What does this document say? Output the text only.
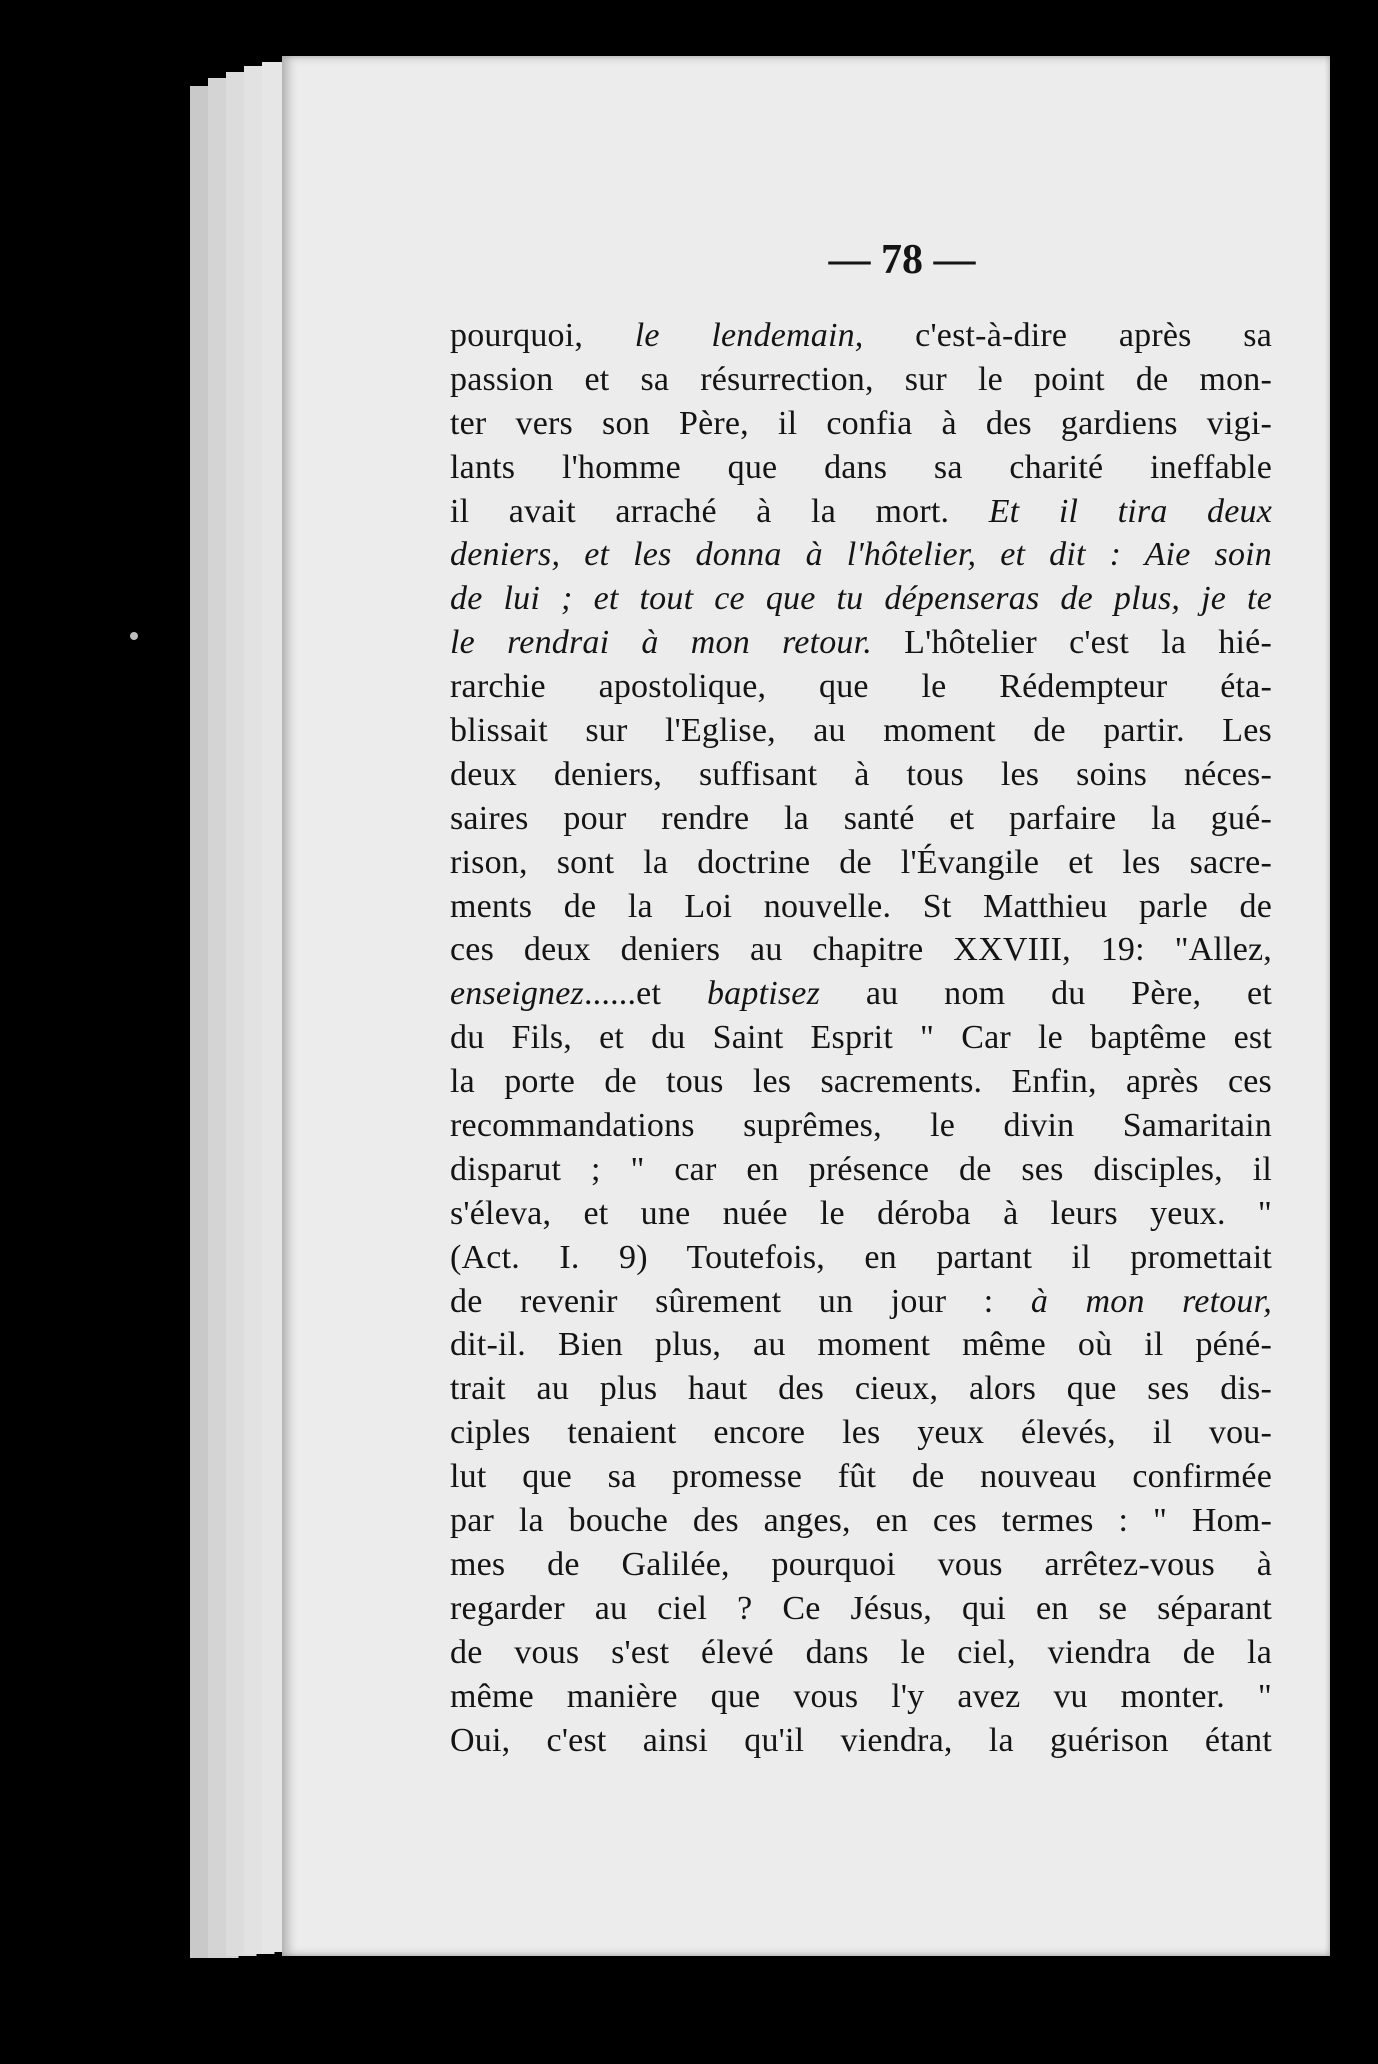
— 78 —
pourquoi, le lendemain, c'est-à-dire après sa
passion et sa résurrection, sur le point de mon-
ter vers son Père, il confia à des gardiens vigi-
lants l'homme que dans sa charité ineffable
il avait arraché à la mort. Et il tira deux
deniers, et les donna à l'hôtelier, et dit : Aie soin
de lui ; et tout ce que tu dépenseras de plus, je te
le rendrai à mon retour. L'hôtelier c'est la hié-
rarchie apostolique, que le Rédempteur éta-
blissait sur l'Eglise, au moment de partir. Les
deux deniers, suffisant à tous les soins néces-
saires pour rendre la santé et parfaire la gué-
rison, sont la doctrine de l'Évangile et les sacre-
ments de la Loi nouvelle. St Matthieu parle de
ces deux deniers au chapitre XXVIII, 19: "Allez,
enseignez......et baptisez au nom du Père, et
du Fils, et du Saint Esprit " Car le baptême est
la porte de tous les sacrements. Enfin, après ces
recommandations suprêmes, le divin Samaritain
disparut ; " car en présence de ses disciples, il
s'éleva, et une nuée le déroba à leurs yeux. "
(Act. I. 9) Toutefois, en partant il promettait
de revenir sûrement un jour : à mon retour,
dit-il. Bien plus, au moment même où il péné-
trait au plus haut des cieux, alors que ses dis-
ciples tenaient encore les yeux élevés, il vou-
lut que sa promesse fût de nouveau confirmée
par la bouche des anges, en ces termes : " Hom-
mes de Galilée, pourquoi vous arrêtez-vous à
regarder au ciel ? Ce Jésus, qui en se séparant
de vous s'est élevé dans le ciel, viendra de la
même manière que vous l'y avez vu monter. "
Oui, c'est ainsi qu'il viendra, la guérison étant
